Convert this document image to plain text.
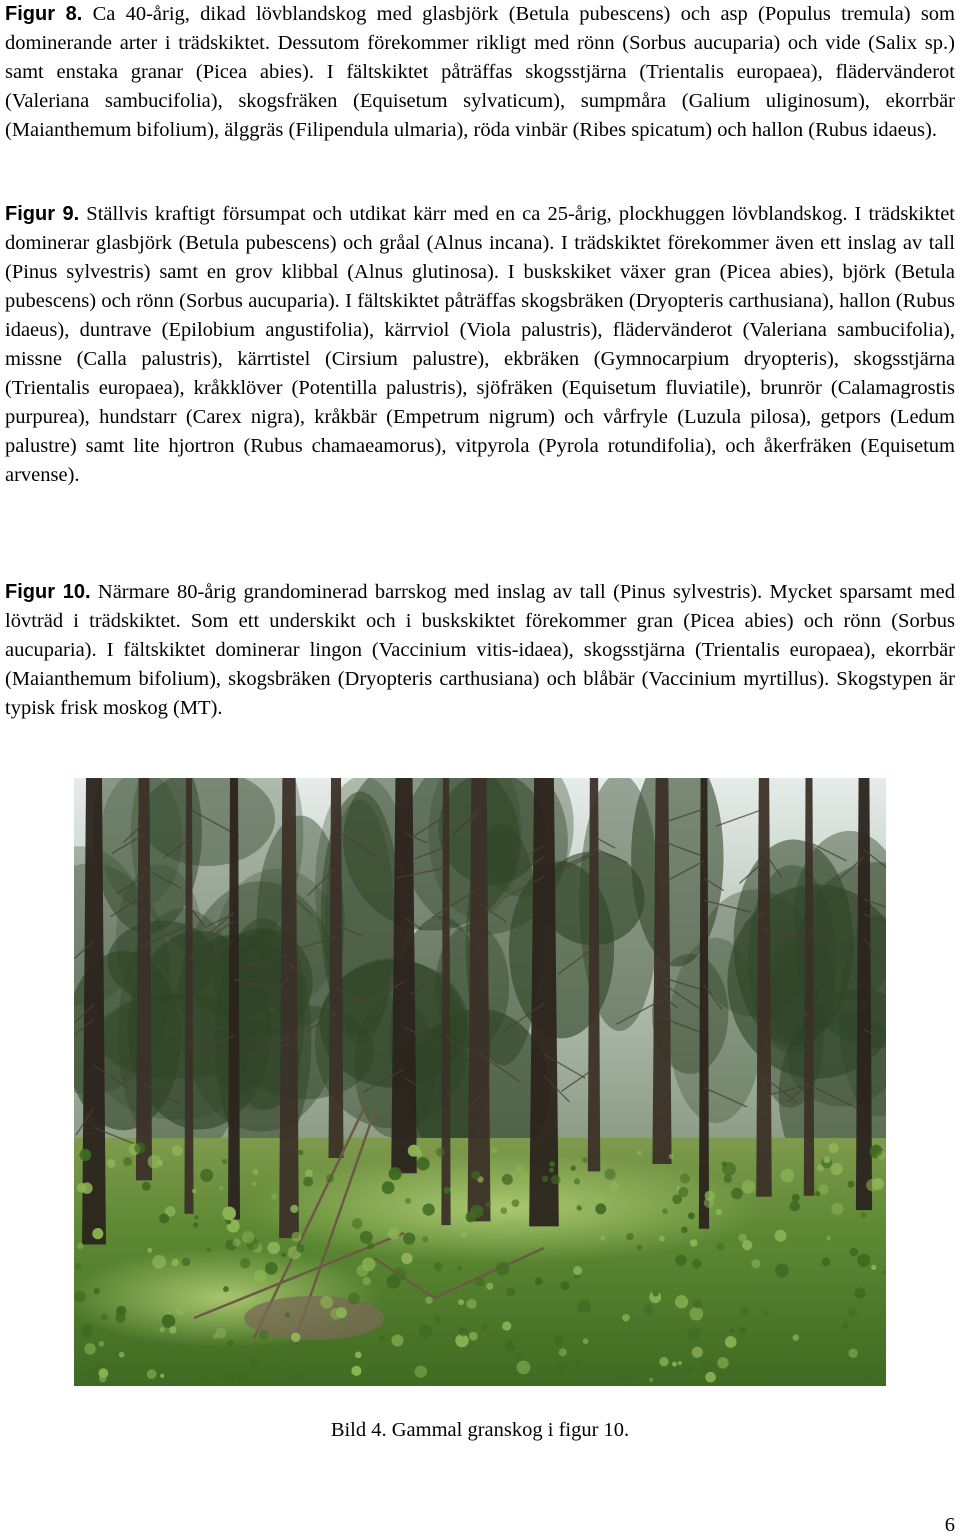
Figur 8. Ca 40-årig, dikad lövblandskog med glasbjörk (Betula pubescens) och asp (Populus tremula) som dominerande arter i trädskiktet. Dessutom förekommer rikligt med rönn (Sorbus aucuparia) och vide (Salix sp.) samt enstaka granar (Picea abies). I fältskiktet påträffas skogsstjärna (Trientalis europaea), flädervänderot (Valeriana sambucifolia), skogsfräken (Equisetum sylvaticum), sumpmåra (Galium uliginosum), ekorrbär (Maianthemum bifolium), älggräs (Filipendula ulmaria), röda vinbär (Ribes spicatum) och hallon (Rubus idaeus).

Figur 9. Ställvis kraftigt försumpat och utdikat kärr med en ca 25-årig, plockhuggen lövblandskog. I trädskiktet dominerar glasbjörk (Betula pubescens) och gråal (Alnus incana). I trädskiktet förekommer även ett inslag av tall (Pinus sylvestris) samt en grov klibbal (Alnus glutinosa). I buskskiket växer gran (Picea abies), björk (Betula pubescens) och rönn (Sorbus aucuparia). I fältskiktet påträffas skogsbräken (Dryopteris carthusiana), hallon (Rubus idaeus), duntrave (Epilobium angustifolia), kärrviol (Viola palustris), flädervänderot (Valeriana sambucifolia), missne (Calla palustris), kärrtistel (Cirsium palustre), ekbräken (Gymnocarpium dryopteris), skogsstjärna (Trientalis europaea), kråkklöver (Potentilla palustris), sjöfräken (Equisetum fluviatile), brunrör (Calamagrostis purpurea), hundstarr (Carex nigra), kråkbär (Empetrum nigrum) och vårfryle (Luzula pilosa), getpors (Ledum palustre) samt lite hjortron (Rubus chamaeamorus), vitpyrola (Pyrola rotundifolia), och åkerfräken (Equisetum arvense).

Figur 10. Närmare 80-årig grandominerad barrskog med inslag av tall (Pinus sylvestris). Mycket sparsamt med lövträd i trädskiktet. Som ett underskikt och i buskskiktet förekommer gran (Picea abies) och rönn (Sorbus aucuparia). I fältskiktet dominerar lingon (Vaccinium vitis-idaea), skogsstjärna (Trientalis europaea), ekorrbär (Maianthemum bifolium), skogsbräken (Dryopteris carthusiana) och blåbär (Vaccinium myrtillus). Skogstypen är typisk frisk moskog (MT).

Bild 4. Gammal granskog i figur 10.
6
